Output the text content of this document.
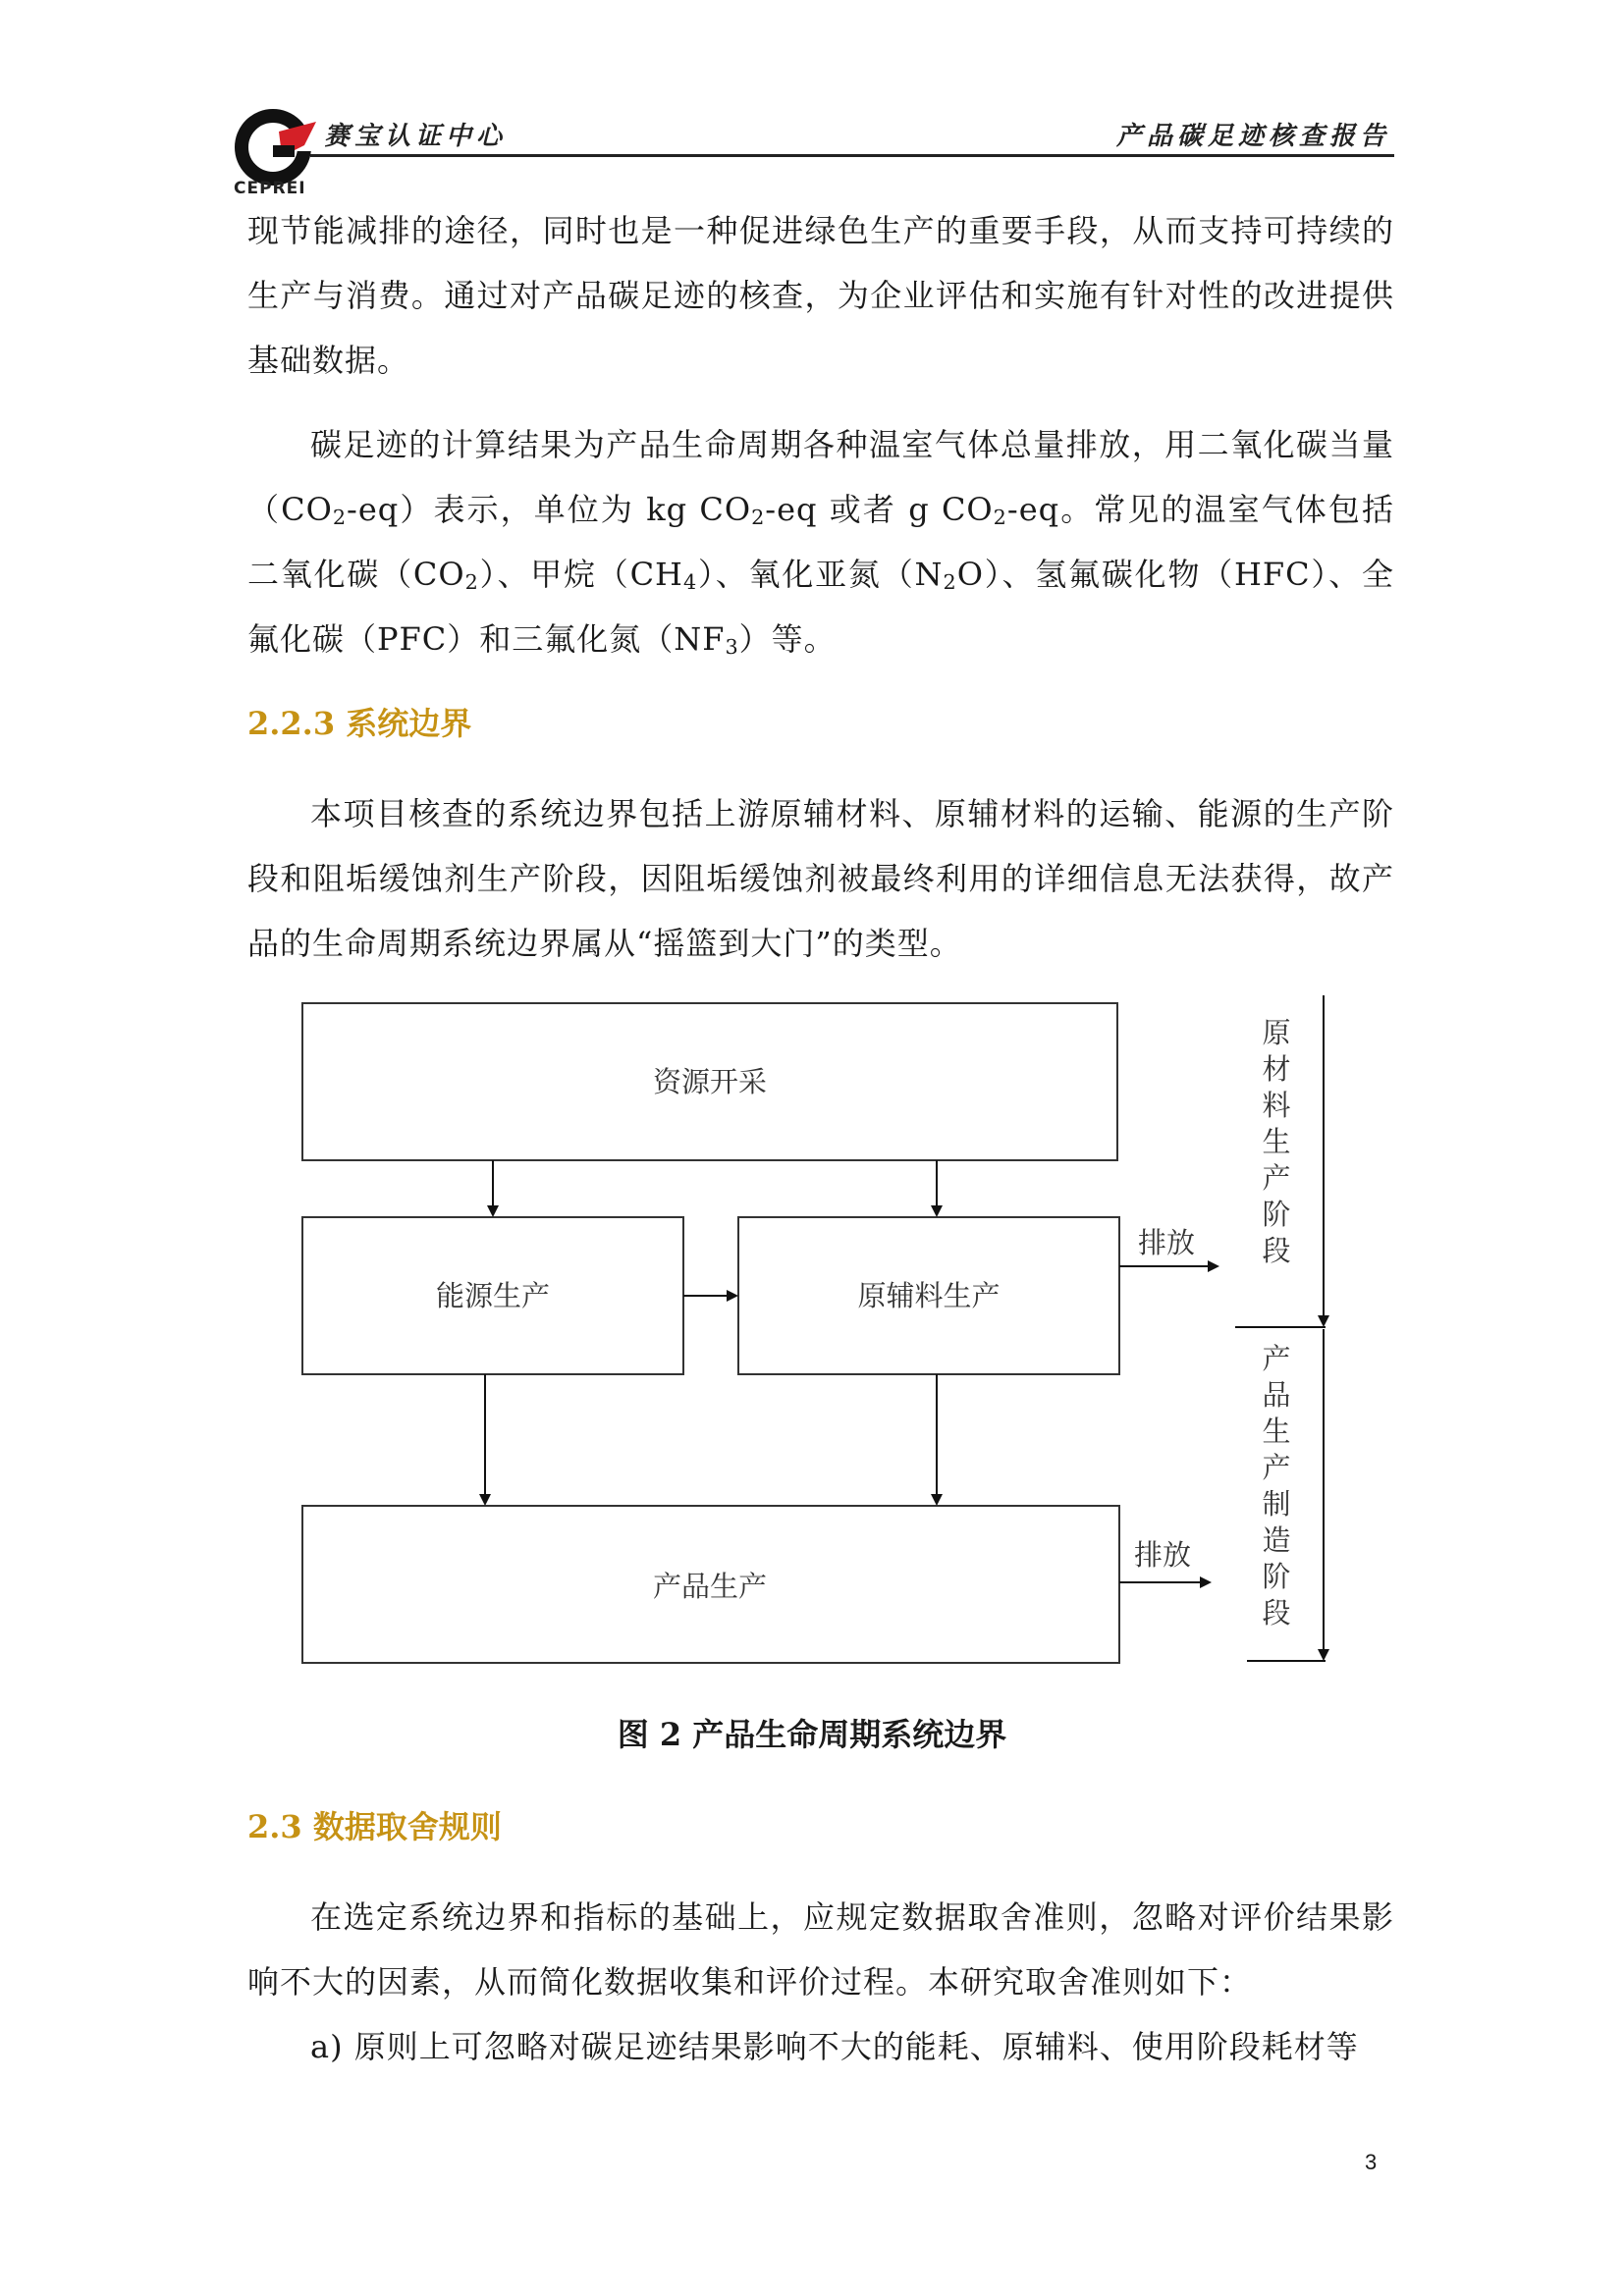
CEPREI
赛宝认证中心	产品碳足迹核查报告

现节能减排的途径，同时也是一种促进绿色生产的重要手段，从而支持可持续的生产与消费。通过对产品碳足迹的核查，为企业评估和实施有针对性的改进提供基础数据。

碳足迹的计算结果为产品生命周期各种温室气体总量排放，用二氧化碳当量$(CO_2-eq)$表示，单位为 kg $CO_2-eq$ 或者 g $CO_2-eq$。常见的温室气体包括二氧化碳$(CO_2)$、甲烷$(CH_4)$、氧化亚氮$(N_2O)$、氢氟碳化物（HFC）、全氟化碳（PFC）和三氟化氮$(NF_3)$等。

2.2.3 系统边界

本项目核查的系统边界包括上游原辅材料、原辅材料的运输、能源的生产阶段和阻垢缓蚀剂生产阶段，因阻垢缓蚀剂被最终利用的详细信息无法获得，故产品的生命周期系统边界属从“摇篮到大门”的类型。

资源开采
能源生产	原辅料生产
产品生产
排放
排放
原
材
料
生
产
阶
段
产
品
生
产
制
造
阶
段
图 2 产品生命周期系统边界
2.3 数据取舍规则

在选定系统边界和指标的基础上，应规定数据取舍准则，忽略对评价结果影响不大的因素，从而简化数据收集和评价过程。本研究取舍准则如下：

a) 原则上可忽略对碳足迹结果影响不大的能耗、原辅料、使用阶段耗材等

3
